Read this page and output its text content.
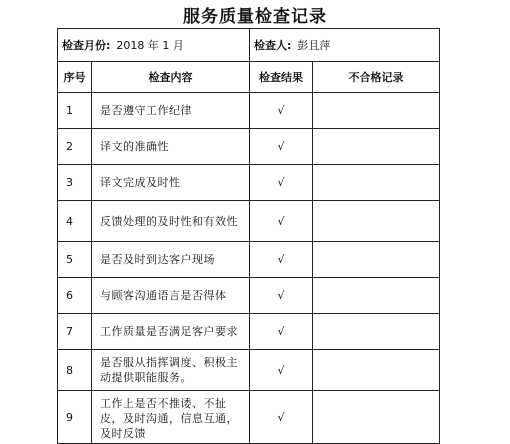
服务质量检查记录
检查月份: 2018 年 1 月		检查人: 彭且萍	
序号	检查内容	检查结果	不合格记录
1	是否遵守工作纪律	√	
2	译文的准确性	√	
3	译文完成及时性	√	
4	反馈处理的及时性和有效性	√	
5	是否及时到达客户现场	√	
6	与顾客沟通语言是否得体	√	
7	工作质量是否满足客户要求	√	
8	是否服从指挥调度、积极主动提供职能服务。	√	
9	工作上是否不推诿、不扯皮，及时沟通，信息互通，及时反馈	√	
